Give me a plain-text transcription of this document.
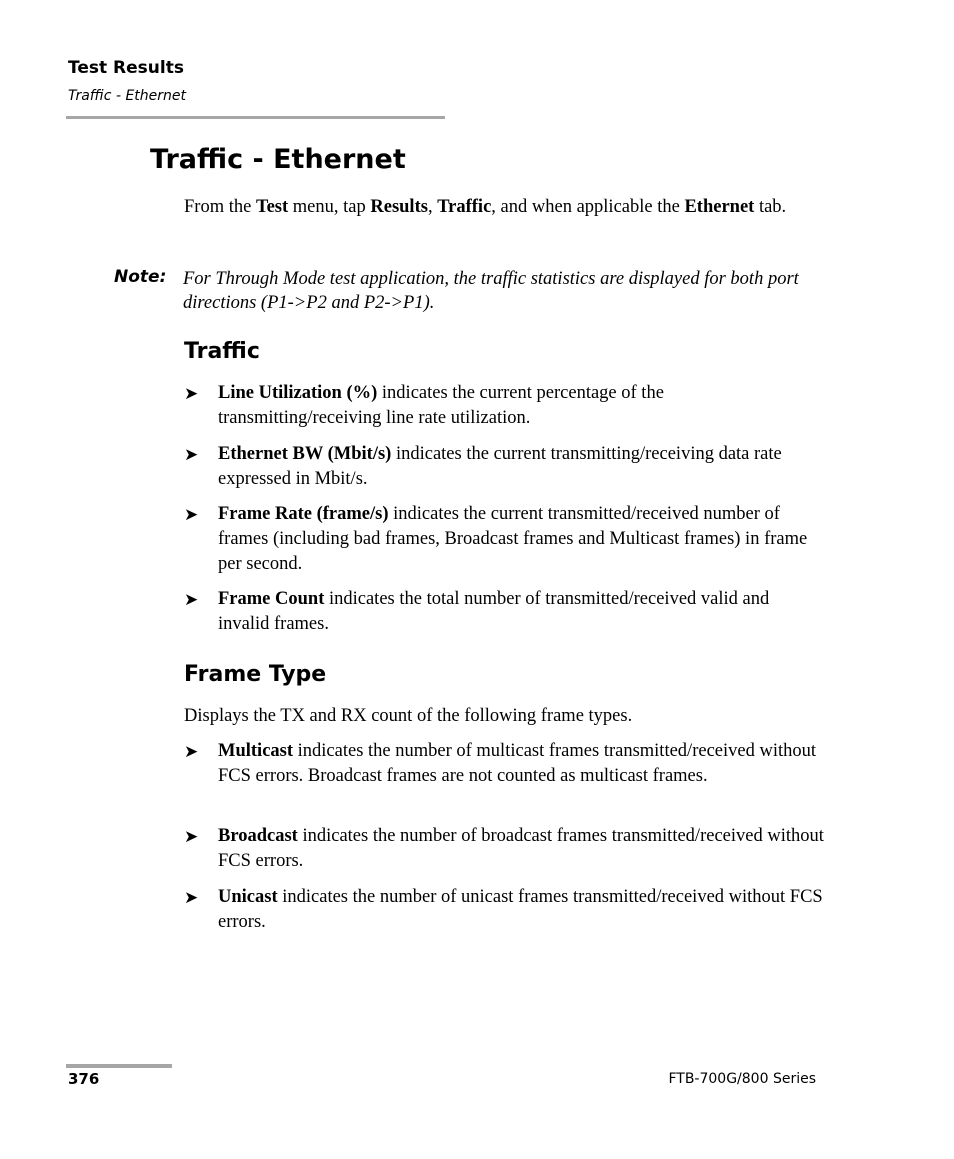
Test Results
Traffic - Ethernet
Traffic - Ethernet
From the Test menu, tap Results, Traffic, and when applicable the Ethernet tab.
Note: For Through Mode test application, the traffic statistics are displayed for both port directions (P1->P2 and P2->P1).
Traffic
➤	Line Utilization (%) indicates the current percentage of the transmitting/receiving line rate utilization.
➤	Ethernet BW (Mbit/s) indicates the current transmitting/receiving data rate expressed in Mbit/s.
➤	Frame Rate (frame/s) indicates the current transmitted/received number of frames (including bad frames, Broadcast frames and Multicast frames) in frame per second.
➤	Frame Count indicates the total number of transmitted/received valid and invalid frames.
Frame Type
Displays the TX and RX count of the following frame types.
➤	Multicast indicates the number of multicast frames transmitted/received without FCS errors. Broadcast frames are not counted as multicast frames.
➤	Broadcast indicates the number of broadcast frames transmitted/received without FCS errors.
➤	Unicast indicates the number of unicast frames transmitted/received without FCS errors.
376	FTB-700G/800 Series
